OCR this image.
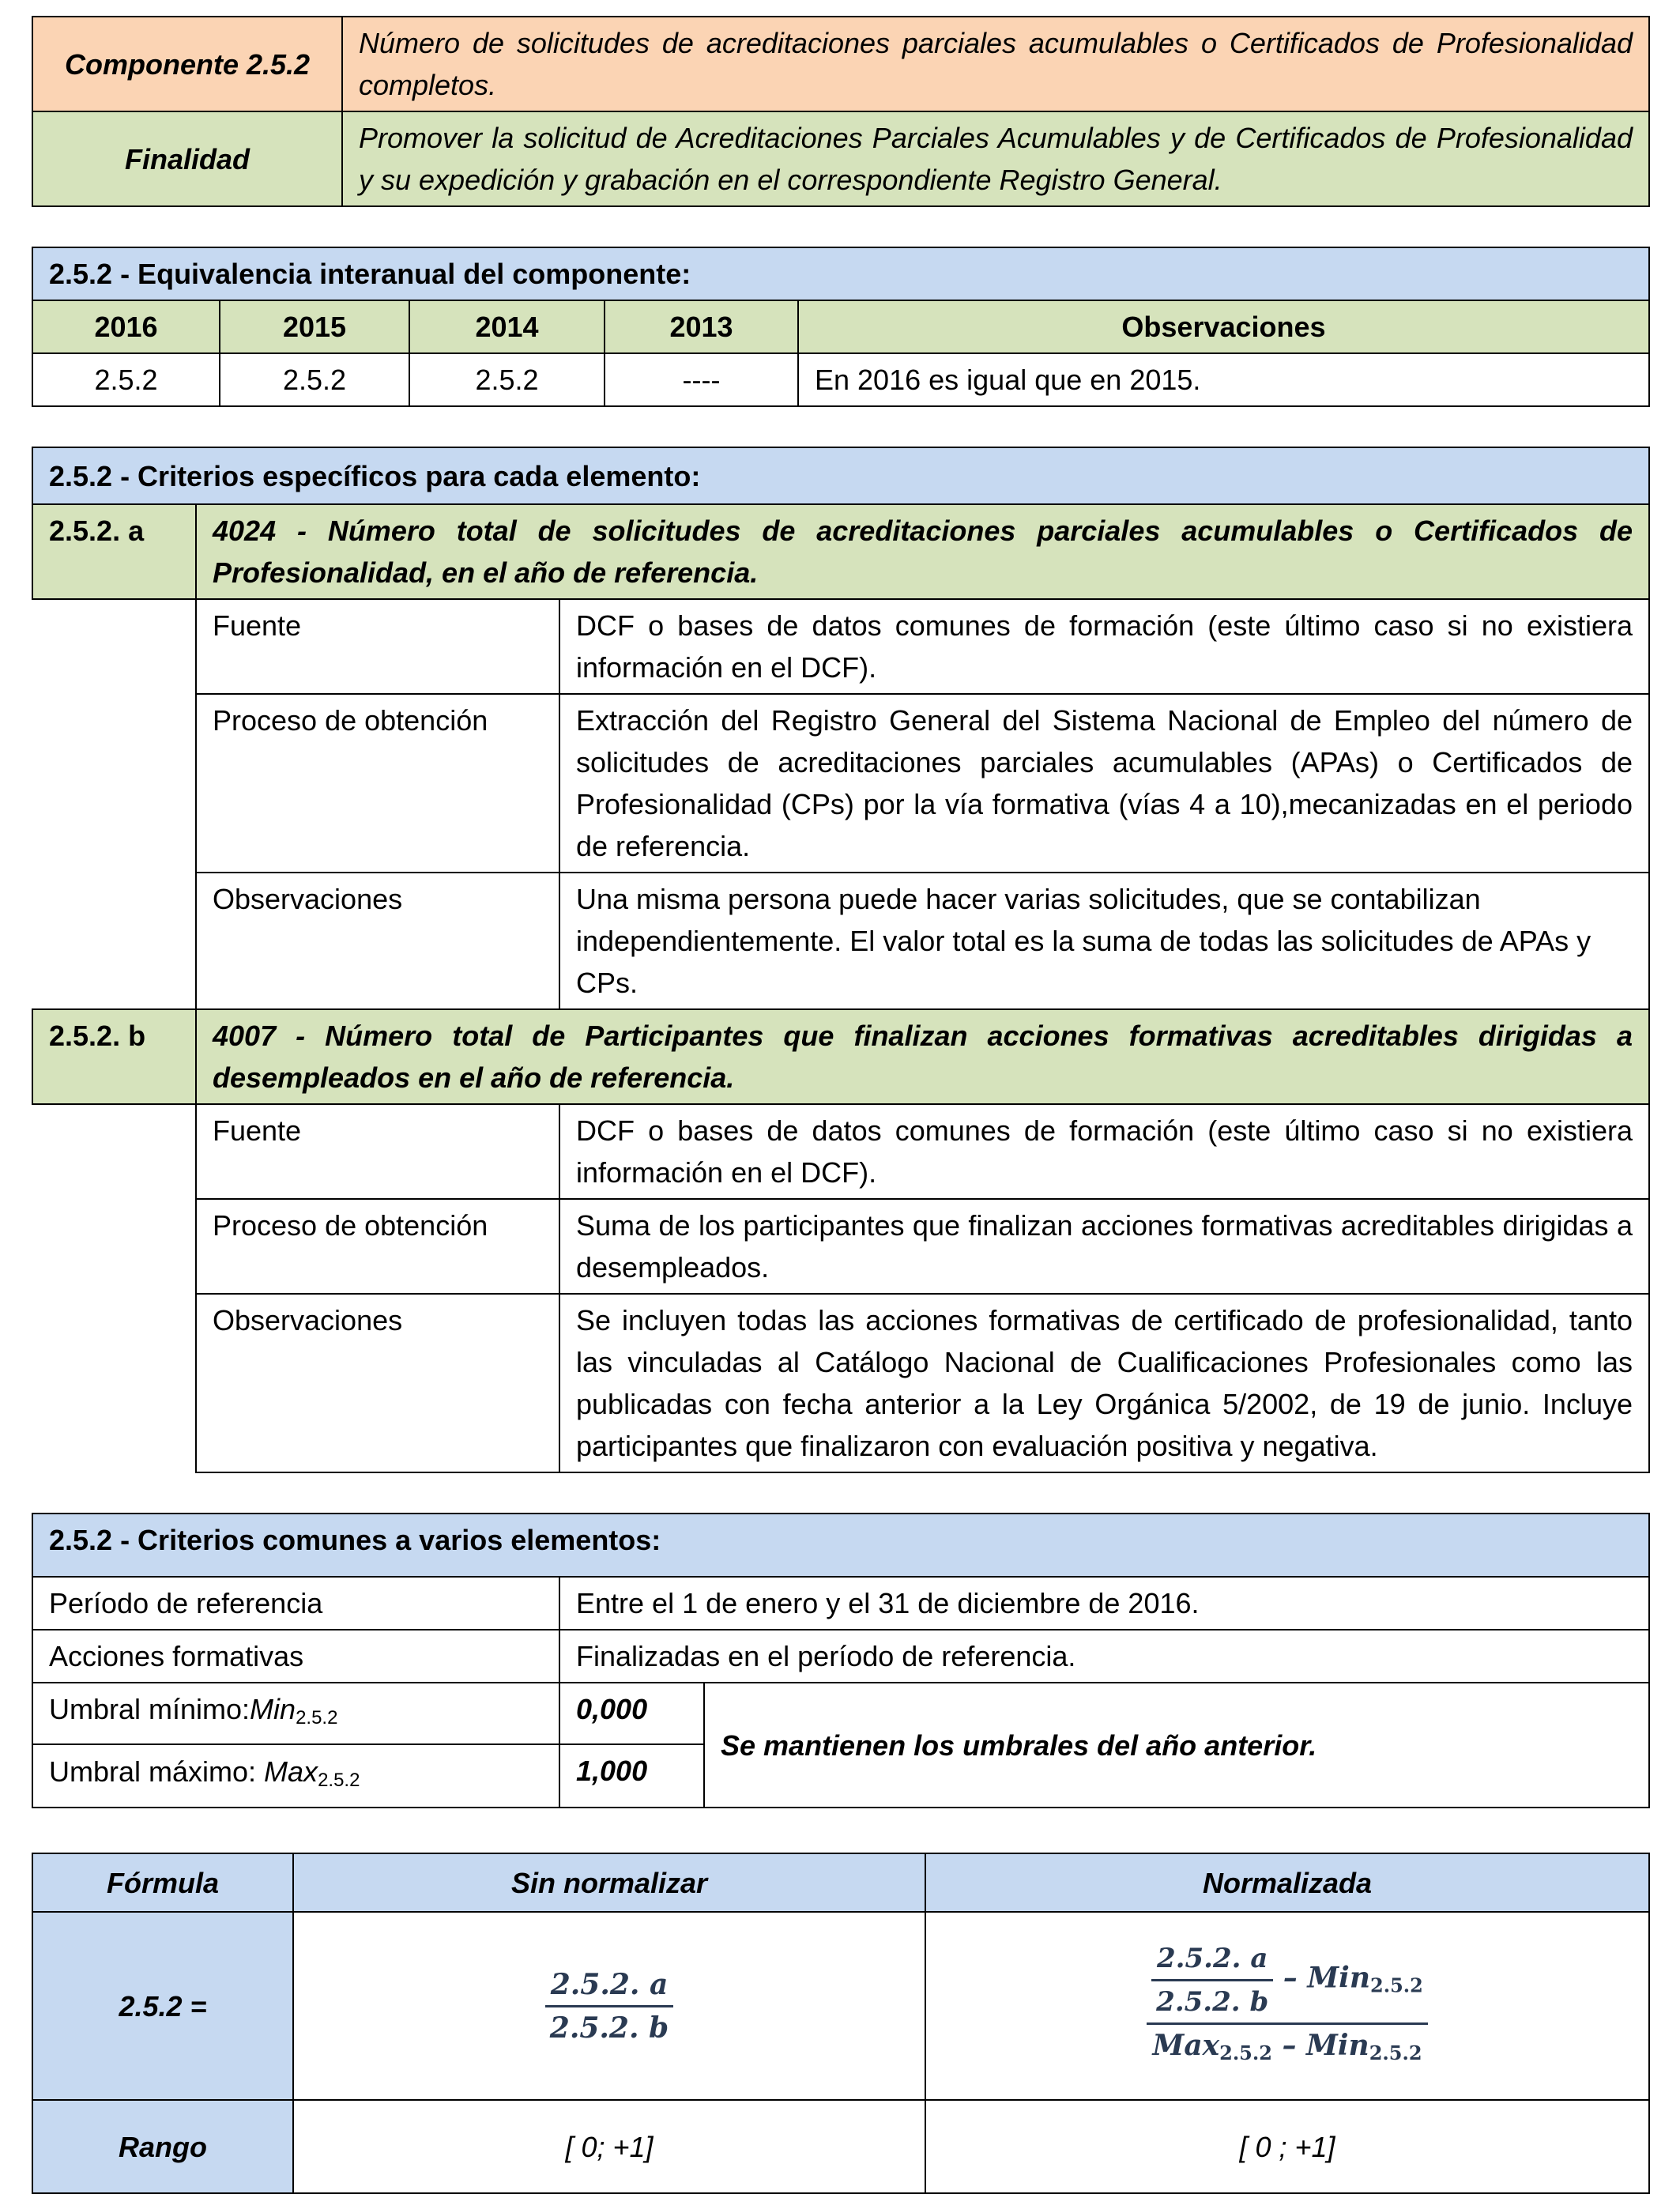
Componente 2.5.2	Número de solicitudes de acreditaciones parciales acumulables o Certificados de Profesionalidad completos.
Finalidad	Promover la solicitud de Acreditaciones Parciales Acumulables y de Certificados de Profesionalidad y su expedición y grabación en el correspondiente Registro General.
2.5.2 - Equivalencia interanual del componente:				
2016	2015	2014	2013	Observaciones
2.5.2	2.5.2	2.5.2	----	En 2016 es igual que en 2015.
2.5.2 - Criterios específicos para cada elemento:		
2.5.2. a	4024 - Número total de solicitudes de acreditaciones parciales acumulables o Certificados de Profesionalidad, en el año de referencia.	
	Fuente	DCF o bases de datos comunes de formación (este último caso si no existiera información en el DCF).
	Proceso de obtención	Extracción del Registro General del Sistema Nacional de Empleo del número de solicitudes de acreditaciones parciales acumulables (APAs) o Certificados de Profesionalidad (CPs) por la vía formativa (vías 4 a 10),mecanizadas en el periodo de referencia.
	Observaciones	Una misma persona puede hacer varias solicitudes, que se contabilizan independientemente. El valor total es la suma de todas las solicitudes de APAs y CPs.
2.5.2. b	4007 - Número total de Participantes que finalizan acciones formativas acreditables dirigidas a desempleados en el año de referencia.	
	Fuente	DCF o bases de datos comunes de formación (este último caso si no existiera información en el DCF).
	Proceso de obtención	Suma de los participantes que finalizan acciones formativas acreditables dirigidas a desempleados.
	Observaciones	Se incluyen todas las acciones formativas de certificado de profesionalidad, tanto las vinculadas al Catálogo Nacional de Cualificaciones Profesionales como las publicadas con fecha anterior a la Ley Orgánica 5/2002, de 19 de junio. Incluye participantes que finalizaron con evaluación positiva y negativa.
2.5.2 - Criterios comunes a varios elementos:		
Período de referencia	Entre el 1 de enero y el 31 de diciembre de 2016.	
Acciones formativas	Finalizadas en el período de referencia.	
Umbral mínimo:Min$_{2.5.2}$	0,000	Se mantienen los umbrales del año anterior.
Umbral máximo: Max$_{2.5.2}$	1,000	
Fórmula	Sin normalizar	Normalizada
2.5.2 =	$\frac{2.5.2. a}{2.5.2. b}$	$\frac{2.5.2. a}{2.5.2. b} - Min_{2.5.2}$
Max$_{2.5.2}$ – Min$_{2.5.2}$

Rango	[ 0; +1]	[ 0 ; +1]
